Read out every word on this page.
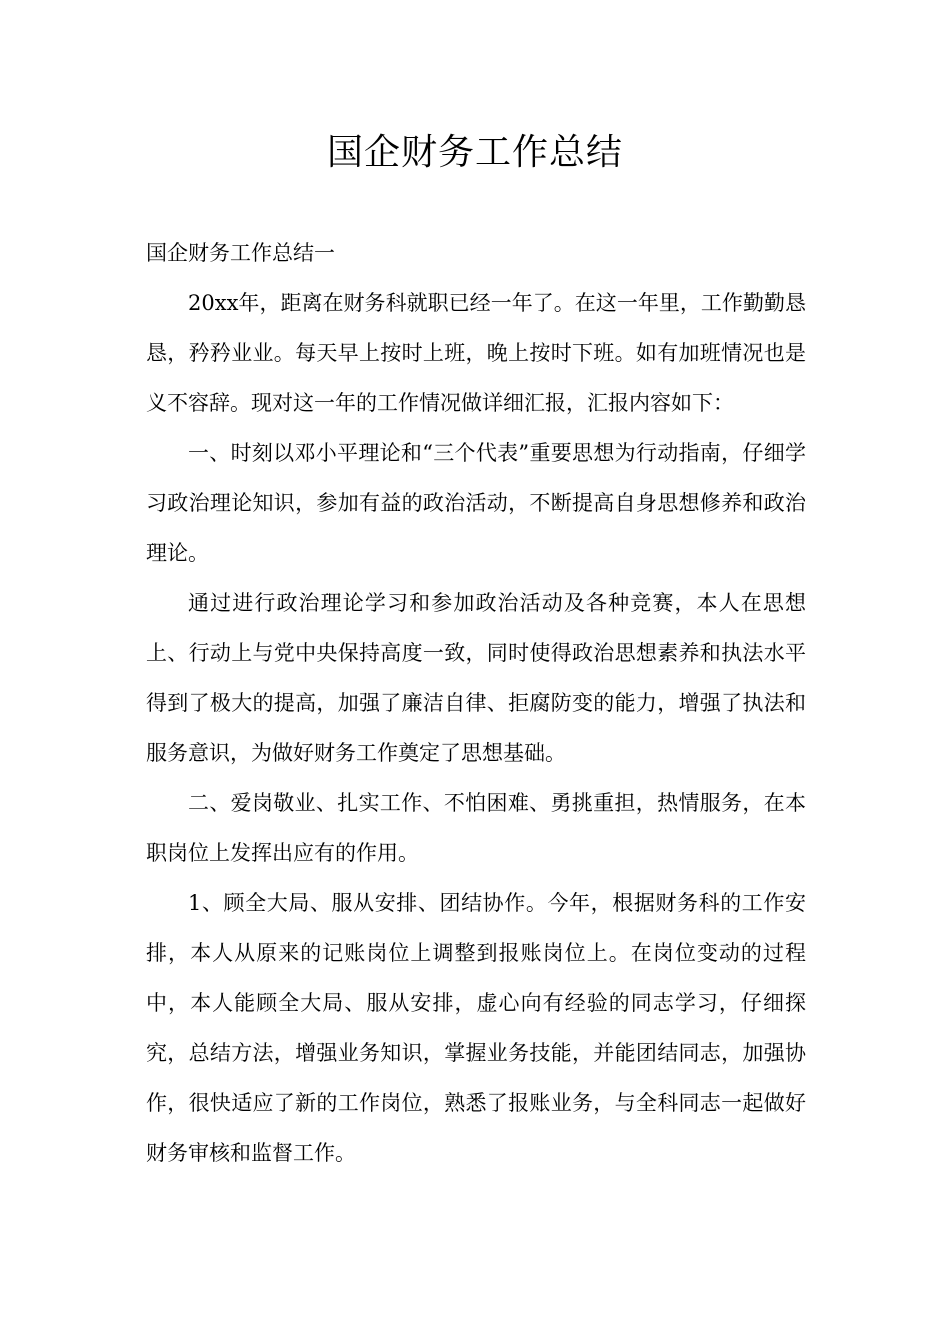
国企财务工作总结

国企财务工作总结一

20xx年，距离在财务科就职已经一年了。在这一年里，工作勤勤恳恳，矜矜业业。每天早上按时上班，晚上按时下班。如有加班情况也是义不容辞。现对这一年的工作情况做详细汇报，汇报内容如下：

一、时刻以邓小平理论和“三个代表”重要思想为行动指南，仔细学习政治理论知识，参加有益的政治活动，不断提高自身思想修养和政治理论。

通过进行政治理论学习和参加政治活动及各种竞赛，本人在思想上、行动上与党中央保持高度一致，同时使得政治思想素养和执法水平得到了极大的提高，加强了廉洁自律、拒腐防变的能力，增强了执法和服务意识，为做好财务工作奠定了思想基础。

二、爱岗敬业、扎实工作、不怕困难、勇挑重担，热情服务，在本职岗位上发挥出应有的作用。

1、顾全大局、服从安排、团结协作。今年，根据财务科的工作安排，本人从原来的记账岗位上调整到报账岗位上。在岗位变动的过程中，本人能顾全大局、服从安排，虚心向有经验的同志学习，仔细探究，总结方法，增强业务知识，掌握业务技能，并能团结同志，加强协作，很快适应了新的工作岗位，熟悉了报账业务，与全科同志一起做好财务审核和监督工作。
